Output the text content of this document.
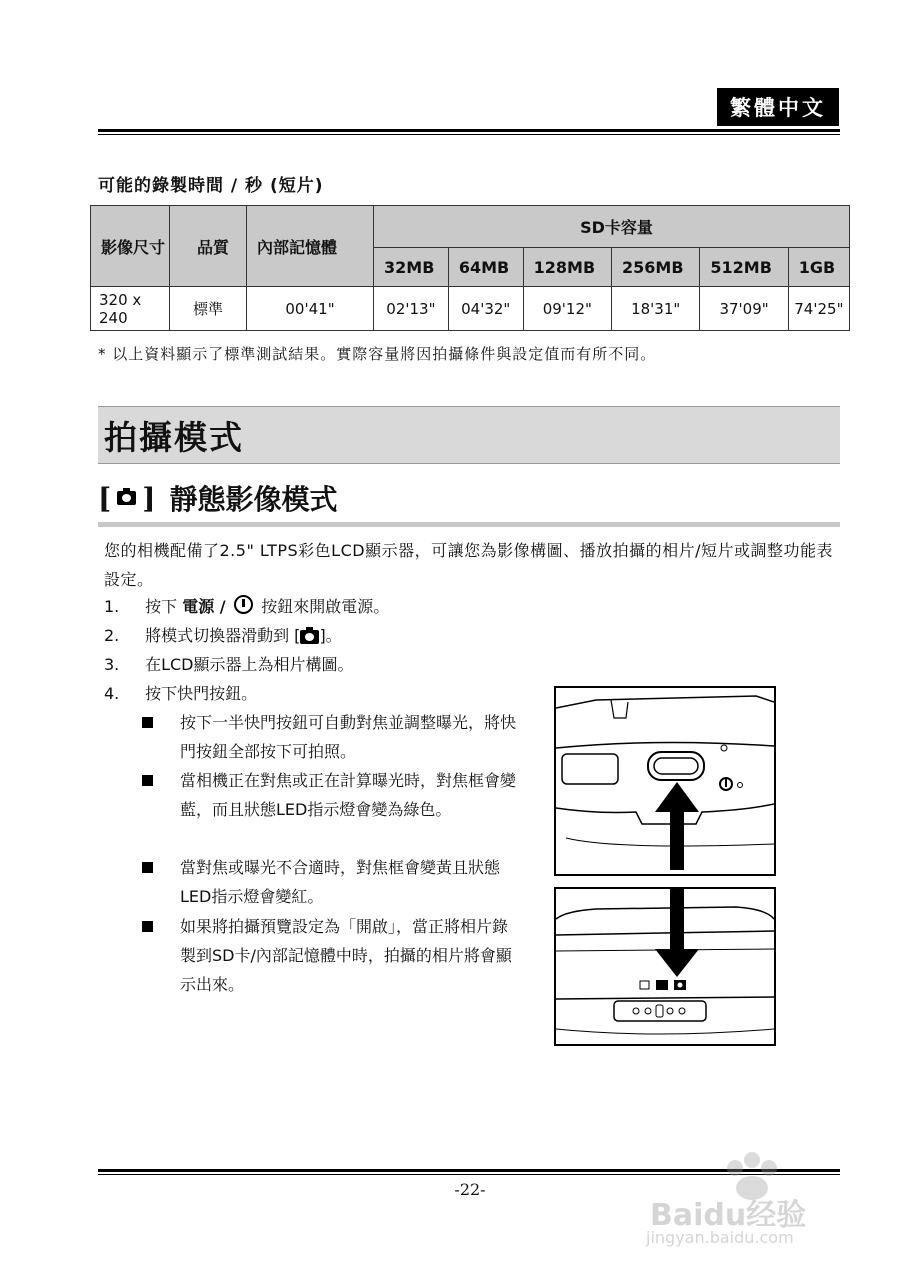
繁體中文
可能的錄製時間 / 秒 (短片)
影像尺寸	品質	內部記憶體	SD卡容量					
			32MB	64MB	128MB	256MB	512MB	1GB
320 x 240	標準	00'41"	02'13"	04'32"	09'12"	18'31"	37'09"	74'25"
* 以上資料顯示了標準測試結果。實際容量將因拍攝條件與設定值而有所不同。
拍攝模式
[ ] 靜態影像模式
您的相機配備了2.5" LTPS彩色LCD顯示器，可讓您為影像構圖、播放拍攝的相片/短片或調整功能表設定。
1. 按下 電源 /  按鈕來開啟電源。
2. 將模式切換器滑動到 [ ]。
3. 在LCD顯示器上為相片構圖。
4. 按下快門按鈕。
按下一半快門按鈕可自動對焦並調整曝光，將快門按鈕全部按下可拍照。
當相機正在對焦或正在計算曝光時，對焦框會變藍，而且狀態LED指示燈會變為綠色。
當對焦或曝光不合適時，對焦框會變黃且狀態LED指示燈會變紅。
如果將拍攝預覽設定為「開啟」，當正將相片錄製到SD卡/內部記憶體中時，拍攝的相片將會顯示出來。
-22-
Baidu经验
jingyan.baidu.com
